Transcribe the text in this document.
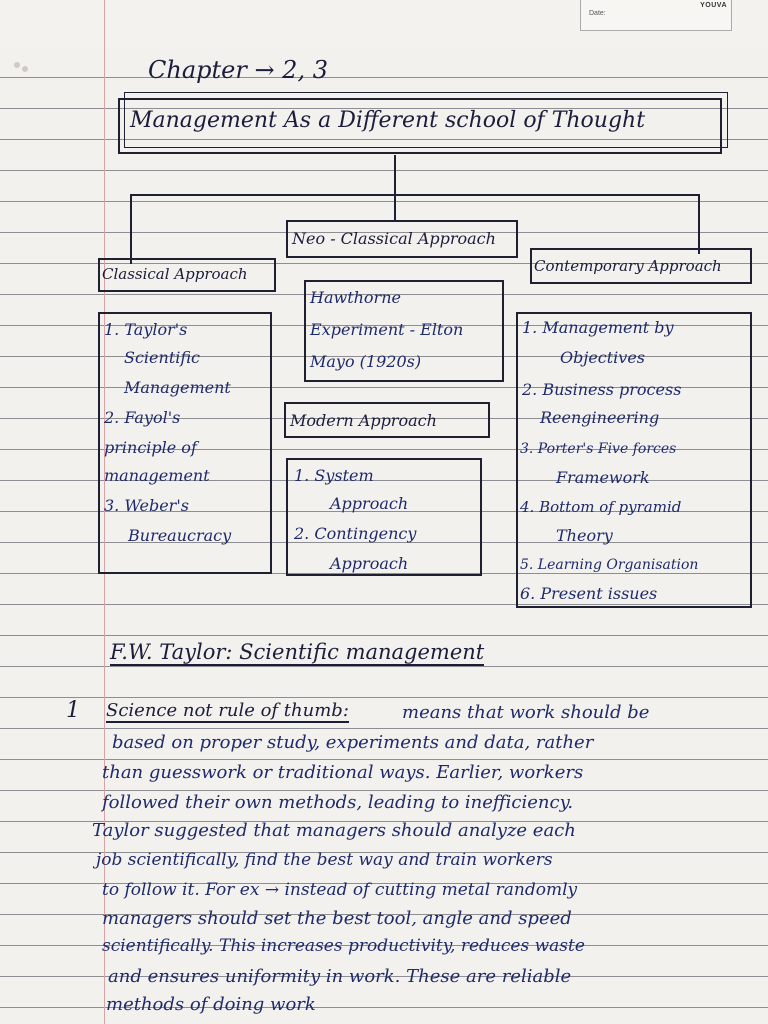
Date:
YOUVA
Chapter → 2, 3
Management As a Different school of Thought
Neo - Classical Approach
Classical Approach	Contemporary Approach
Hawthorne
Experiment - Elton
Mayo (1920s)
1. Taylor's
Scientific
Management
2. Fayol's
principle of
management
3. Weber's
Bureaucracy
Modern Approach
1. System
Approach
2. Contingency
Approach
1. Management by
Objectives
2. Business process
Reengineering
3. Porter's Five forces
Framework
4. Bottom of pyramid
Theory
5. Learning Organisation
6. Present issues
F.W. Taylor: Scientific management
1 Science not rule of thumb:	means that work should be
based on proper study, experiments and data, rather
than guesswork or traditional ways. Earlier, workers
followed their own methods, leading to inefficiency.
Taylor suggested that managers should analyze each
job scientifically, find the best way and train workers
to follow it. For ex → instead of cutting metal randomly
managers should set the best tool, angle and speed
scientifically. This increases productivity, reduces waste
and ensures uniformity in work. These are reliable
methods of doing work
